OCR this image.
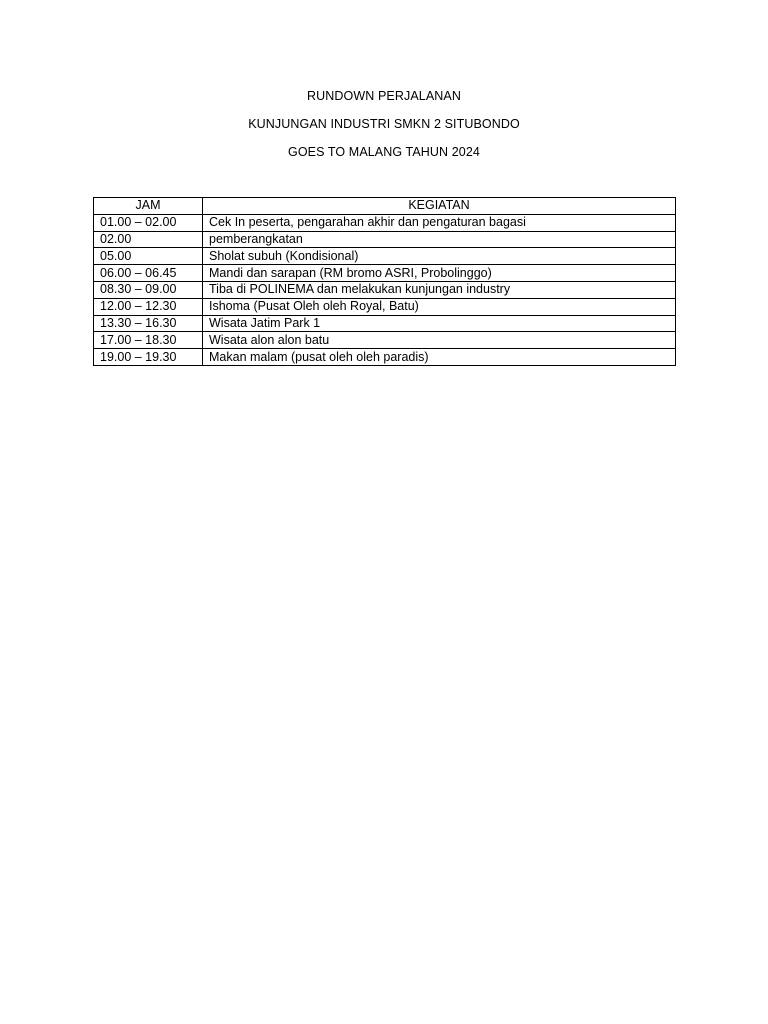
RUNDOWN PERJALANAN
KUNJUNGAN INDUSTRI SMKN 2 SITUBONDO
GOES TO MALANG TAHUN 2024
JAM	KEGIATAN
01.00 – 02.00	Cek In peserta, pengarahan akhir dan pengaturan bagasi
02.00	pemberangkatan
05.00	Sholat subuh (Kondisional)
06.00 – 06.45	Mandi dan sarapan (RM bromo ASRI, Probolinggo)
08.30 – 09.00	Tiba di POLINEMA dan melakukan kunjungan industry
12.00 – 12.30	Ishoma (Pusat Oleh oleh Royal, Batu)
13.30 – 16.30	Wisata Jatim Park 1
17.00 – 18.30	Wisata alon alon batu
19.00 – 19.30	Makan malam (pusat oleh oleh paradis)
